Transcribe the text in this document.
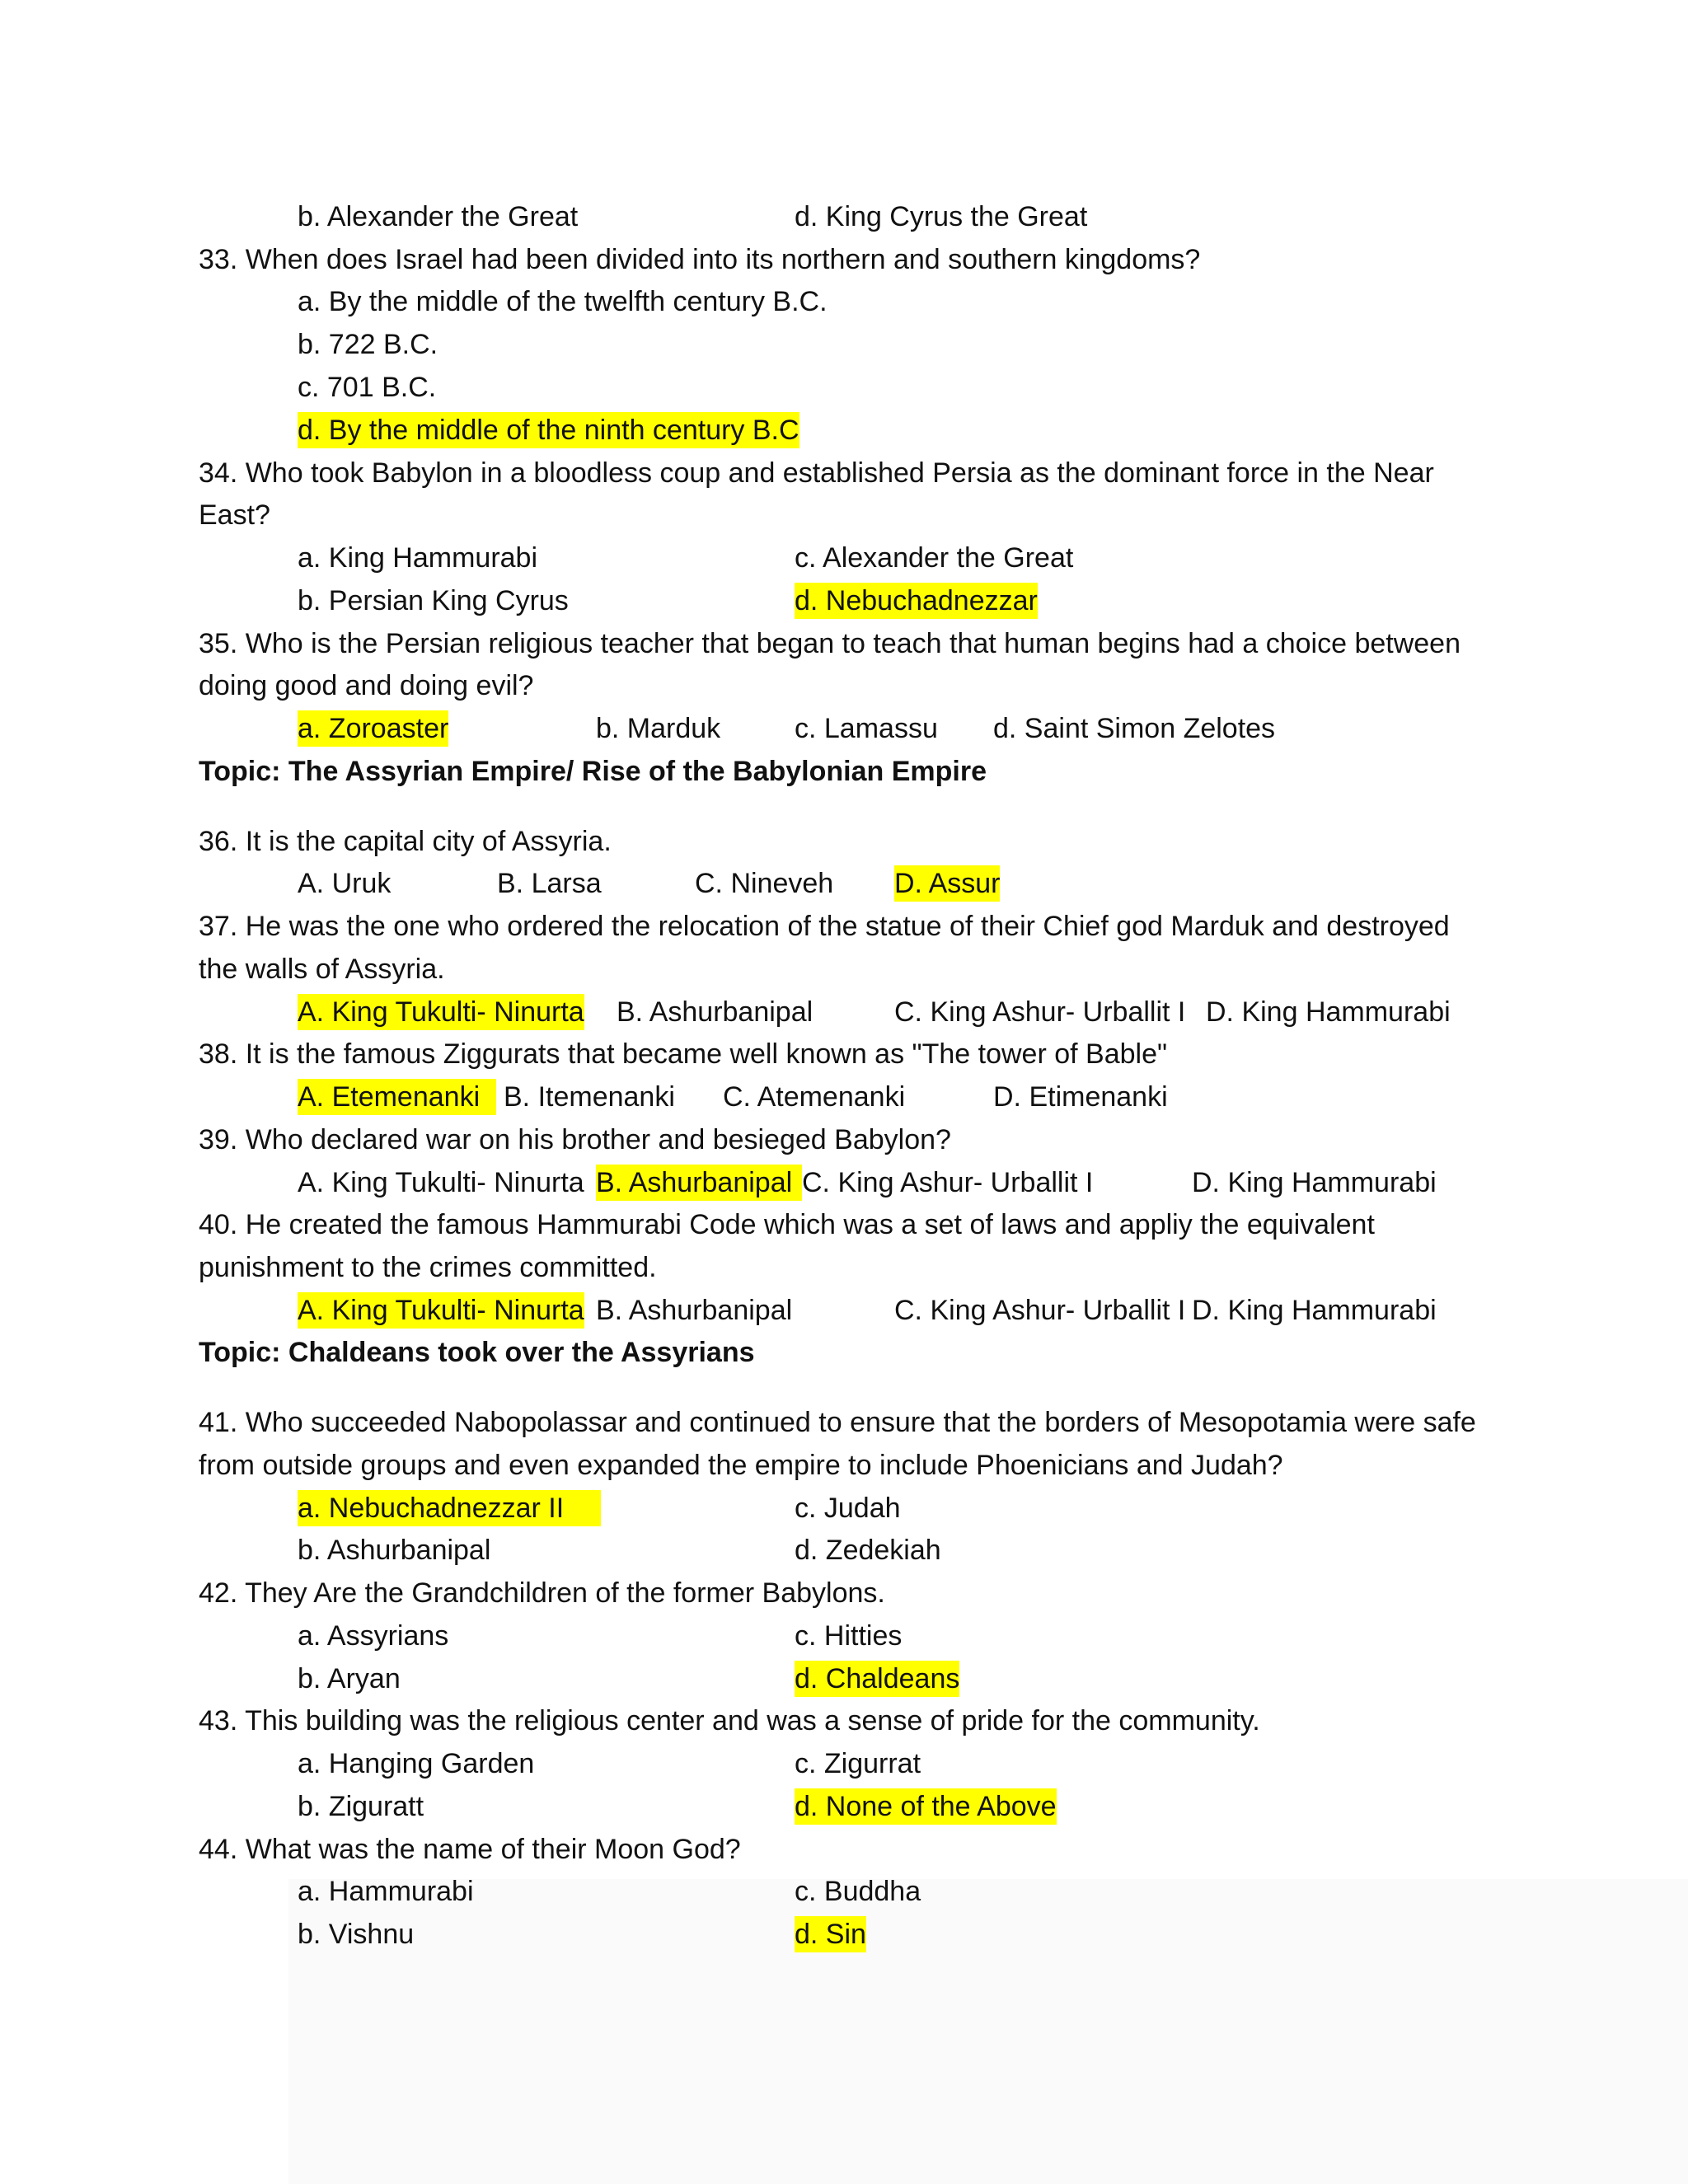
b. Alexander the Great	d. King Cyrus the Great
33. When does Israel had been divided into its northern and southern kingdoms?
a. By the middle of the twelfth century B.C.
b. 722 B.C.
c. 701 B.C.
d. By the middle of the ninth century B.C
34. Who took Babylon in a bloodless coup and established Persia as the dominant force in the Near
East?
a. King Hammurabi	c. Alexander the Great
b. Persian King Cyrus	d. Nebuchadnezzar
35. Who is the Persian religious teacher that began to teach that human begins had a choice between
doing good and doing evil?
a. Zoroaster	b. Marduk	c. Lamassu d. Saint Simon Zelotes
Topic: The Assyrian Empire/ Rise of the Babylonian Empire
36. It is the capital city of Assyria.
A. Uruk	B. Larsa	C. Nineveh D. Assur
37. He was the one who ordered the relocation of the statue of their Chief god Marduk and destroyed
the walls of Assyria.
A. King Tukulti- Ninurta B. Ashurbanipal	C. King Ashur- Urballit I D. King Hammurabi
38. It is the famous Ziggurats that became well known as "The tower of Bable"
A. Etemenanki B. Itemenanki C. Atemenanki	D. Etimenanki
39. Who declared war on his brother and besieged Babylon?
A. King Tukulti- Ninurta B. Ashurbanipal C. King Ashur- Urballit I	D. King Hammurabi
40. He created the famous Hammurabi Code which was a set of laws and appliy the equivalent
punishment to the crimes committed.
A. King Tukulti- Ninurta B. Ashurbanipal	C. King Ashur- Urballit I D. King Hammurabi
Topic: Chaldeans took over the Assyrians
41. Who succeeded Nabopolassar and continued to ensure that the borders of Mesopotamia were safe
from outside groups and even expanded the empire to include Phoenicians and Judah?
a. Nebuchadnezzar II	c. Judah
b. Ashurbanipal	d. Zedekiah
42. They Are the Grandchildren of the former Babylons.
a. Assyrians	c. Hitties
b. Aryan	d. Chaldeans
43. This building was the religious center and was a sense of pride for the community.
a. Hanging Garden	c. Zigurrat
b. Ziguratt	d. None of the Above
44. What was the name of their Moon God?
a. Hammurabi	c. Buddha
b. Vishnu	d. Sin
